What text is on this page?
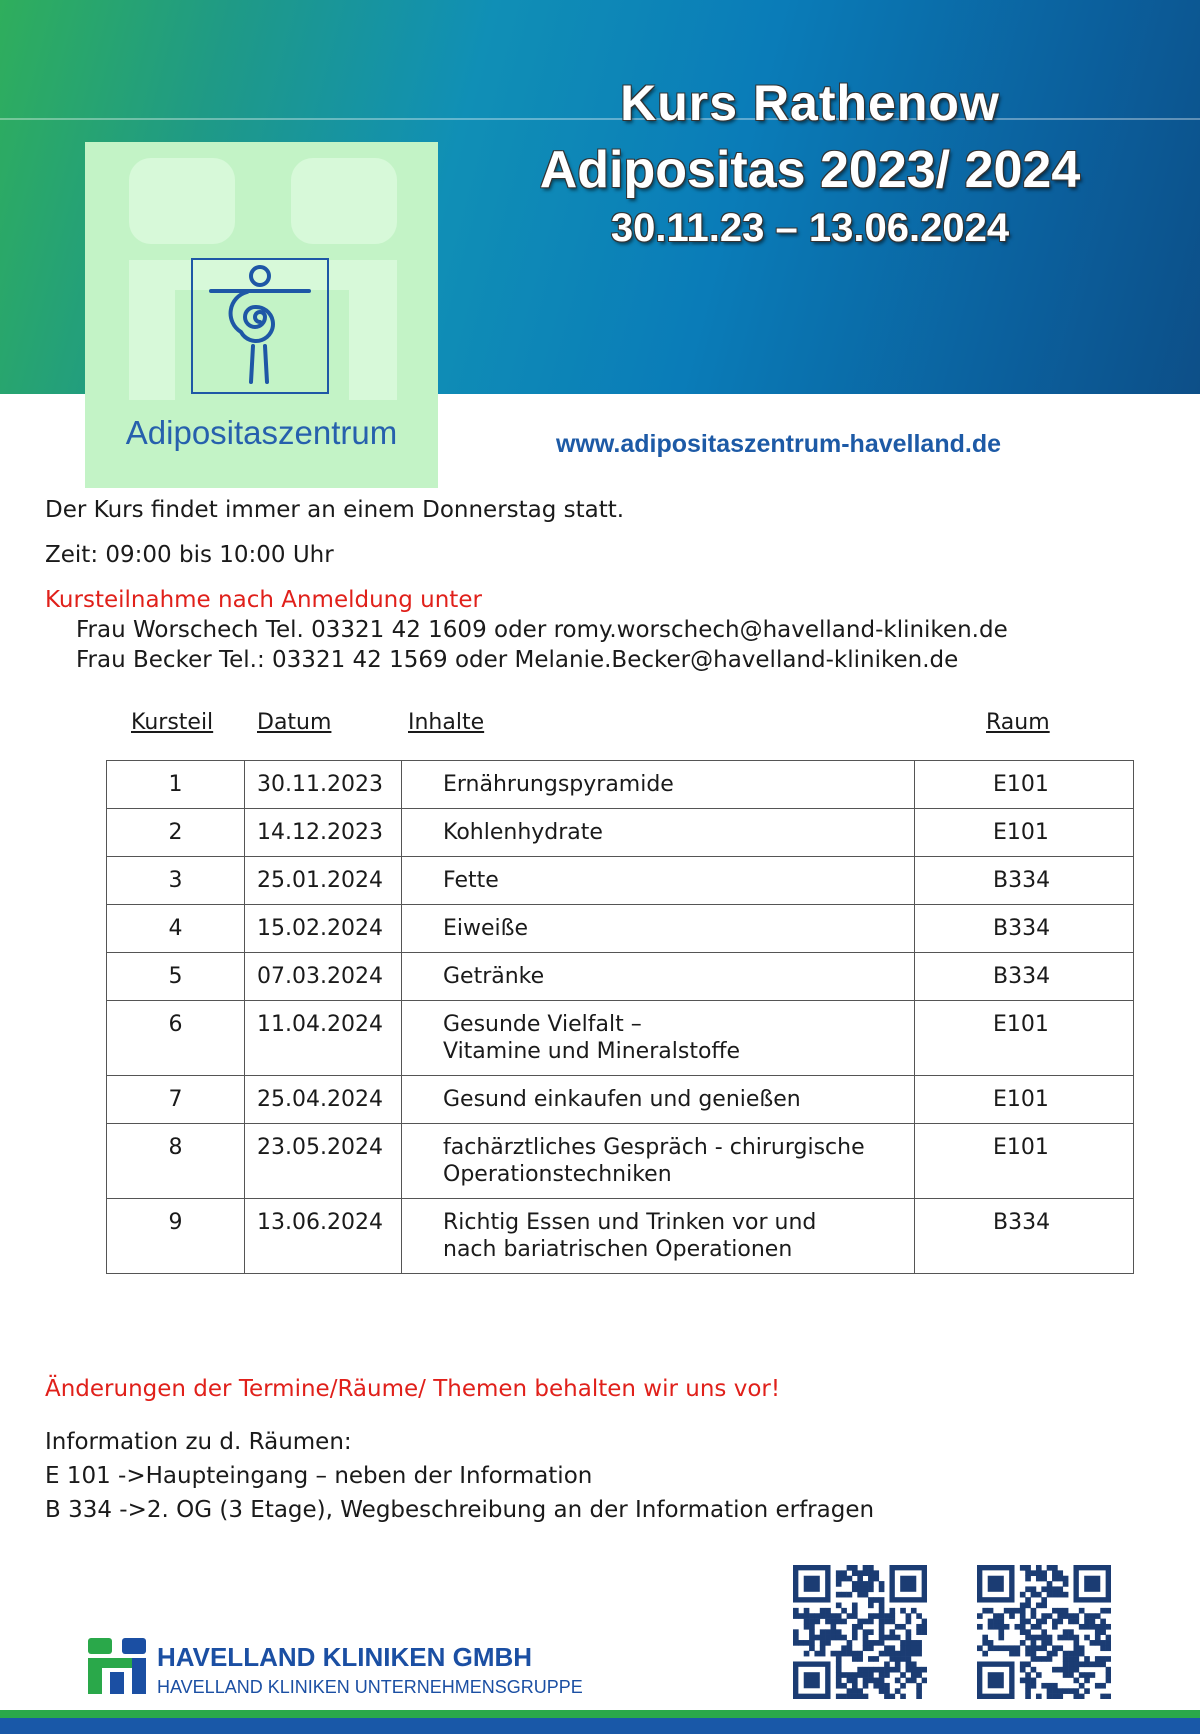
Kurs Rathenow
Adipositas 2023/ 2024
30.11.23 – 13.06.2024
Adipositaszentrum	www.adipositaszentrum-havelland.de
Der Kurs findet immer an einem Donnerstag statt.
Zeit: 09:00 bis 10:00 Uhr
Kursteilnahme nach Anmeldung unter
Frau Worschech Tel. 03321 42 1609 oder romy.worschech@havelland-kliniken.de
Frau Becker Tel.: 03321 42 1569 oder Melanie.Becker@havelland-kliniken.de
Kursteil Datum	Inhalte	Raum
1	30.11.2023	Ernährungspyramide	E101
2	14.12.2023	Kohlenhydrate	E101
3	25.01.2024	Fette	B334
4	15.02.2024	Eiweiße	B334
5	07.03.2024	Getränke	B334
6	11.04.2024	Gesunde Vielfalt –
Vitamine und Mineralstoffe	E101
7	25.04.2024	Gesund einkaufen und genießen	E101
8	23.05.2024	fachärztliches Gespräch - chirurgische
Operationstechniken	E101
9	13.06.2024	Richtig Essen und Trinken vor und
nach bariatrischen Operationen	B334
Änderungen der Termine/Räume/ Themen behalten wir uns vor!
Information zu d. Räumen:
E 101 ->Haupteingang – neben der Information
B 334 ->2. OG (3 Etage), Wegbeschreibung an der Information erfragen
HAVELLAND KLINIKEN GMBH
HAVELLAND KLINIKEN UNTERNEHMENSGRUPPE
